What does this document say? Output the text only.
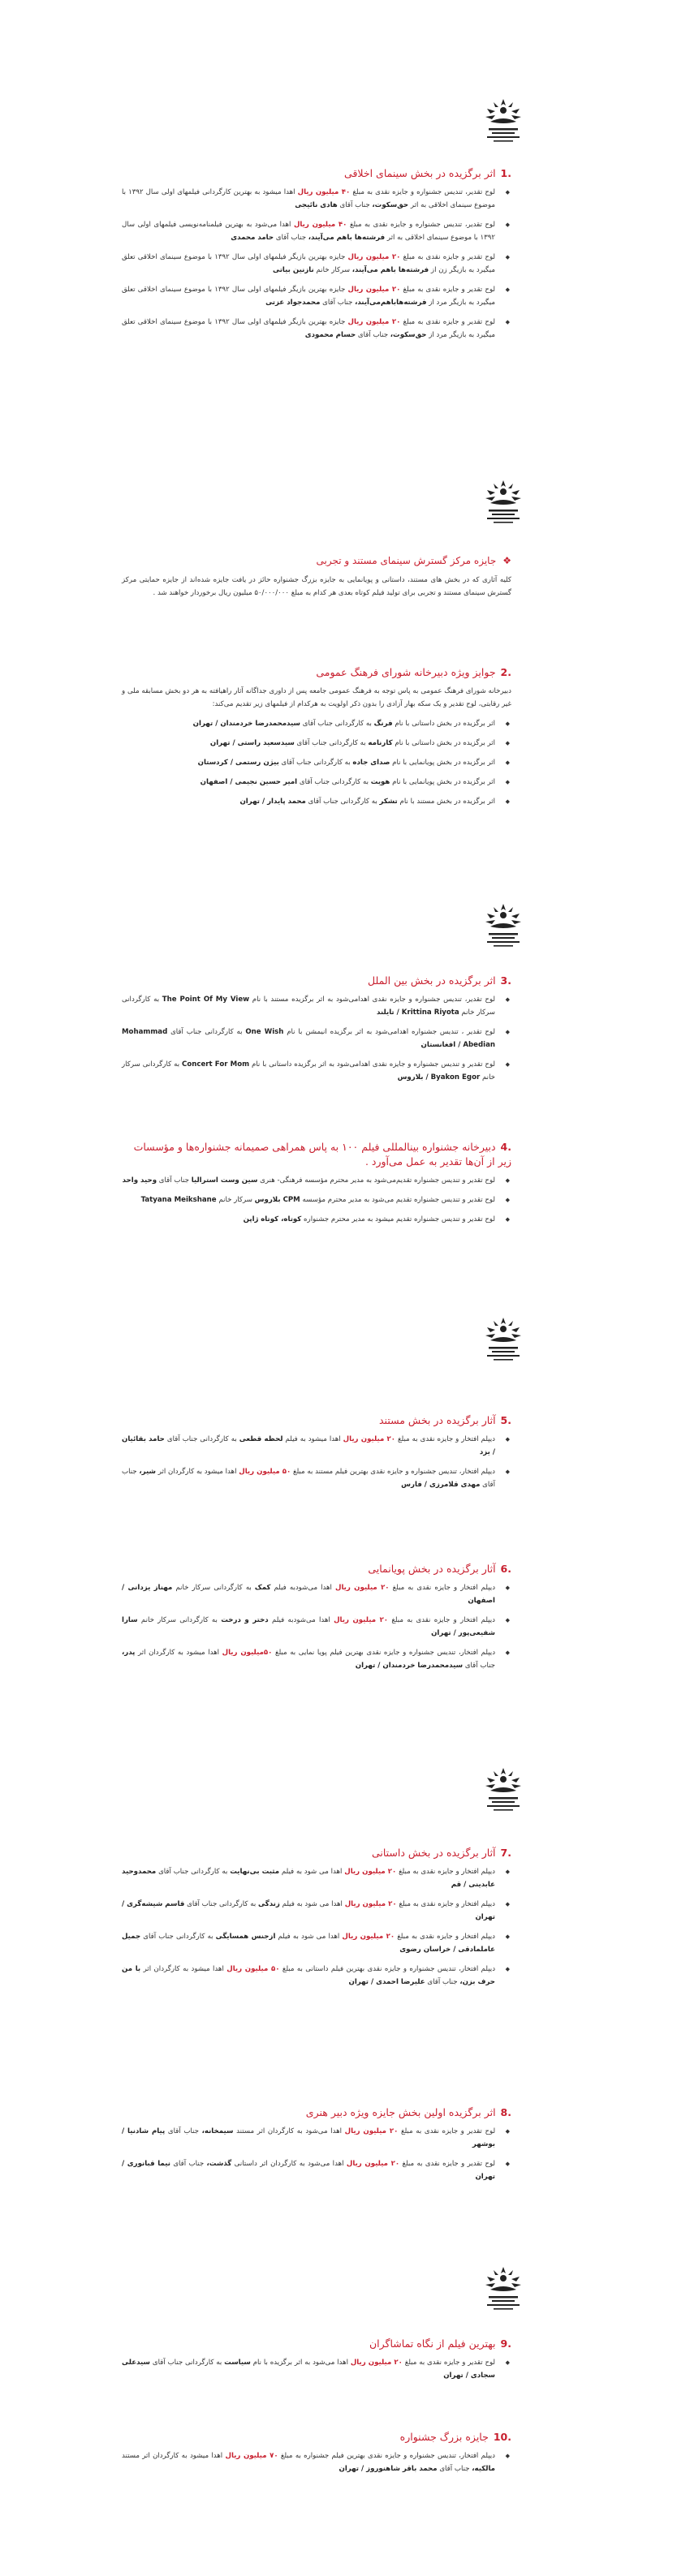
.1اثر برگزیده در بخش سینمای اخلاقی
◆ لوح تقدیر، تندیس جشنواره و جایزه نقدی به مبلغ ۴۰ میلیون ریال اهدا میشود به بهترین کارگردانی فیلمهای اولی سال ۱۳۹۲ با موضوع سینمای اخلاقی به اثر حق‌سکوت، جناب آقای هادی نائیجی
◆ لوح تقدیر، تندیس جشنواره و جایزه نقدی به مبلغ ۴۰ میلیون ریال اهدا می‌شود به بهترین فیلمنامه‌نویسی فیلمهای اولی سال ۱۳۹۲ با موضوع سینمای اخلاقی به اثر فرشته‌ها باهم می‌آیند، جناب آقای حامد محمدی
◆ لوح تقدیر و جایزه نقدی به مبلغ ۲۰ میلیون ریال جایزه بهترین بازیگر فیلمهای اولی سال ۱۳۹۲ با موضوع سینمای اخلاقی تعلق میگیرد به بازیگر زن از فرشته‌ها باهم می‌آیند، سرکار خانم نازنین بیاتی
◆ لوح تقدیر و جایزه نقدی به مبلغ ۲۰ میلیون ریال جایزه بهترین بازیگر فیلمهای اولی سال ۱۳۹۲ با موضوع سینمای اخلاقی تعلق میگیرد به بازیگر مرد از فرشته‌ها‌باهم‌می‌آیند، جناب آقای محمدجواد عزتی
◆ لوح تقدیر و جایزه نقدی به مبلغ ۲۰ میلیون ریال جایزه بهترین بازیگر فیلمهای اولی سال ۱۳۹۲ با موضوع سینمای اخلاقی تعلق میگیرد به بازیگر مرد از حق‌سکوت، جناب آقای حسام محمودی
❖جایزه مرکز گسترش سینمای مستند و تجربی

کلیه آثاری که در بخش های مستند، داستانی و پویانمایی به جایزه بزرگ جشنواره حائز در یافت جایزه شده‌اند از جایزه حمایتی مرکز گسترش سینمای مستند و تجربی برای تولید فیلم کوتاه بعدی هر کدام به مبلغ ۵۰/۰۰۰/۰۰۰ میلیون ریال برخوردار خواهند شد .

.2جوایز ویژه دبیرخانه شورای فرهنگ عمومی

دبیرخانه شورای فرهنگ عمومی به پاس توجه به فرهنگ عمومی جامعه پس از داوری جداگانه آثار راهیافته به هر دو بخش مسابقه ملی و غیر رقابتی، لوح تقدیر و یک سکه بهار آزادی را بدون ذکر اولویت به هرکدام از فیلمهای زیر تقدیم می‌کند:

◆ اثر برگزیده در بخش داستانی با نام فرنگ به کارگردانی جناب آقای سیدمحمدرضا خردمندان / تهران
◆ اثر برگزیده در بخش داستانی با نام کارنامه به کارگردانی جناب آقای سیدسعید راستی / تهران
◆ اثر برگزیده در بخش پویانمایی با نام صدای جاده به کارگردانی جناب آقای بیژن رستمی / کردستان
◆ اثر برگزیده در بخش پویانمایی با نام هویت به کارگردانی جناب آقای امیر حسین نجیمی / اصفهان
◆ اثر برگزیده در بخش مستند با نام تشکر به کارگردانی جناب آقای محمد پایدار / تهران
.3اثر برگزیده در بخش بین الملل
◆ لوح تقدیر، تندیس جشنواره و جایزه نقدی اهدامی‌شود به اثر برگزیده مستند با نام The Point Of My View به کارگردانی سرکار خانم Krittina Riyota / تایلند
◆ لوح تقدیر ، تندیس جشنواره اهدامی‌شود به اثر برگزیده انیمشن با نام One Wish به کارگردانی جناب آقای Mohammad Abedian / افغانستان
◆ لوح تقدیر و تندیس جشنواره و جایزه نقدی اهدامی‌شود به اثر برگزیده داستانی با نام Concert For Mom به کارگردانی سرکار خانم Byakon Egor / بلاروس
.4دبیرخانه جشنواره بینالمللی فیلم ۱۰۰ به پاس همراهی صمیمانه جشنواره‌ها و مؤسسات زیر از آن‌ها تقدیر به عمل می‌آورد .
◆ لوح تقدیر و تندیس جشنواره تقدیم‌می‌شود به مدیر محترم مؤسسه فرهنگی- هنری سین وست استرالیا جناب آقای وحید واحد
◆ لوح تقدیر و تندیس جشنواره تقدیم می‌شود به مدیر محترم مؤسسه CPM بلاروس سرکار خانم Tatyana Meikshane
◆ لوح تقدیر و تندیس جشنواره تقدیم میشود به مدیر محترم جشنواره کوتاه، کوتاه ژاپن
.5آثار برگزیده در بخش مستند
◆ دیپلم افتخار و جایزه نقدی به مبلغ ۲۰ میلیون ریال اهدا میشود به فیلم لحظه قطعی به کارگردانی جناب آقای حامد بقائیان / یزد
◆ دیپلم افتخار، تندیس جشنواره و جایزه نقدی بهترین فیلم مستند به مبلغ ۵۰ میلیون ریال اهدا میشود به کارگردان اثر شیر، جناب آقای مهدی قلامرزی / فارس
.6آثار برگزیده در بخش پویانمایی
◆ دیپلم افتخار و جایزه نقدی به مبلغ ۲۰ میلیون ریال اهدا می‌شودبه فیلم کمک به کارگردانی سرکار خانم مهناز یزدانی / اصفهان
◆ دیپلم افتخار و جایزه نقدی به مبلغ ۲۰ میلیون ریال اهدا می‌شودبه فیلم دختر و درخت به کارگردانی سرکار خانم سارا شفیعی‌پور / تهران
◆ دیپلم افتخار، تندیس جشنواره و جایزه نقدی بهترین فیلم پویا نمایی به مبلغ ۵۰میلیون ریال اهدا میشود به کارگردان اثر پدر، جناب آقای سیدمحمدرضا خردمندان / تهران
.7آثار برگزیده در بخش داستانی
◆ دیپلم افتخار و جایزه نقدی به مبلغ ۲۰ میلیون ریال اهدا می شود به فیلم مثبت بی‌نهایت به کارگردانی جناب آقای محمدوحید عابدینی / قم
◆ دیپلم افتخار و جایزه نقدی به مبلغ ۲۰ میلیون ریال اهدا می شود به فیلم زندگی به کارگردانی جناب آقای قاسم شیشه‌گری / تهران
◆ دیپلم افتخار و جایزه نقدی به مبلغ ۲۰ میلیون ریال اهدا می شود به فیلم ازجنس همسایگی به کارگردانی جناب آقای جمیل عاملمادقی / خراسان رضوی
◆ دیپلم افتخار، تندیس جشنواره و جایزه نقدی بهترین فیلم داستانی به مبلغ ۵۰ میلیون ریال اهدا میشود به کارگردان اثر با من حرف بزن، جناب آقای علیرضا احمدی / تهران
.8اثر برگزیده اولین بخش جایزه ویژه دبیر هنری
◆ لوح تقدیر و جایزه نقدی به مبلغ ۲۰ میلیون ریال اهدا می‌شود به کارگردان اثر مستند سیمخانه، جناب آقای پیام شادنیا / بوشهر
◆ لوح تقدیر و جایزه نقدی به مبلغ ۲۰ میلیون ریال اهدا می‌شود به کارگردان اثر داستانی گذشت، جناب آقای نیما قبانوری / تهران
.9بهترین فیلم از نگاه تماشاگران
◆ لوح تقدیر و جایزه نقدی به مبلغ ۲۰ میلیون ریال اهدا می‌شود به اثر برگزیده با نام سیاست به کارگردانی جناب آقای سیدعلی سجادی / تهران
.10جایزه بزرگ جشنواره
◆ دیپلم افتخار، تندیس جشنواره و جایزه نقدی بهترین فیلم جشنواره به مبلغ ۷۰ میلیون ریال اهدا میشود به کارگردان اثر مستند مالکیه، جناب آقای محمد باقر شاهنوروز / تهران
